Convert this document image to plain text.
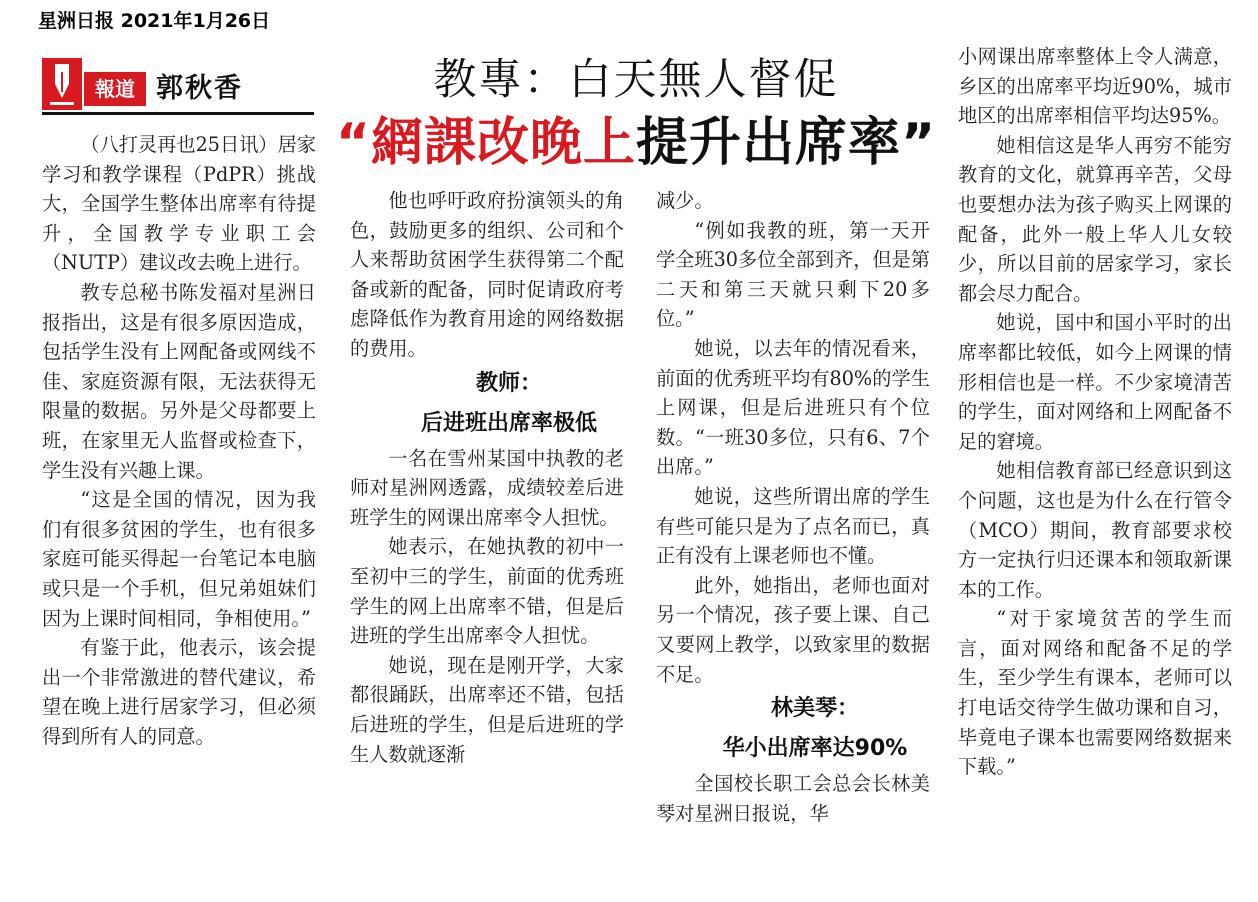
星洲日报 2021年1月26日
報道 郭秋香	教專：白天無人督促
“網課改晚上提升出席率”

（八打灵再也25日讯）居家学习和教学课程（PdPR）挑战大，全国学生整体出席率有待提升，全国教学专业职工会（NUTP）建议改去晚上进行。

教专总秘书陈发福对星洲日报指出，这是有很多原因造成，包括学生没有上网配备或网线不佳、家庭资源有限，无法获得无限量的数据。另外是父母都要上班，在家里无人监督或检查下，学生没有兴趣上课。

“这是全国的情况，因为我们有很多贫困的学生，也有很多家庭可能买得起一台笔记本电脑或只是一个手机，但兄弟姐妹们因为上课时间相同，争相使用。”

有鉴于此，他表示，该会提出一个非常激进的替代建议，希望在晚上进行居家学习，但必须得到所有人的同意。

他也呼吁政府扮演领头的角色，鼓励更多的组织、公司和个人来帮助贫困学生获得第二个配备或新的配备，同时促请政府考虑降低作为教育用途的网络数据的费用。

教师：

后进班出席率极低

一名在雪州某国中执教的老师对星洲网透露，成绩较差后进班学生的网课出席率令人担忧。

她表示，在她执教的初中一至初中三的学生，前面的优秀班学生的网上出席率不错，但是后进班的学生出席率令人担忧。

她说，现在是刚开学，大家都很踊跃，出席率还不错，包括后进班的学生，但是后进班的学生人数就逐渐

减少。

“例如我教的班，第一天开学全班30多位全部到齐，但是第二天和第三天就只剩下20多位。”

她说，以去年的情况看来，前面的优秀班平均有80%的学生上网课，但是后进班只有个位数。“一班30多位，只有6、7个出席。”

她说，这些所谓出席的学生有些可能只是为了点名而已，真正有没有上课老师也不懂。

此外，她指出，老师也面对另一个情况，孩子要上课、自己又要网上教学，以致家里的数据不足。

林美琴：

华小出席率达90%

全国校长职工会总会长林美琴对星洲日报说，华

小网课出席率整体上令人满意，乡区的出席率平均近90%，城市地区的出席率相信平均达95%。

她相信这是华人再穷不能穷教育的文化，就算再辛苦，父母也要想办法为孩子购买上网课的配备，此外一般上华人儿女较少，所以目前的居家学习，家长都会尽力配合。

她说，国中和国小平时的出席率都比较低，如今上网课的情形相信也是一样。不少家境清苦的学生，面对网络和上网配备不足的窘境。

她相信教育部已经意识到这个问题，这也是为什么在行管令（MCO）期间，教育部要求校方一定执行归还课本和领取新课本的工作。

“对于家境贫苦的学生而言，面对网络和配备不足的学生，至少学生有课本，老师可以打电话交待学生做功课和自习，毕竟电子课本也需要网络数据来下载。”
